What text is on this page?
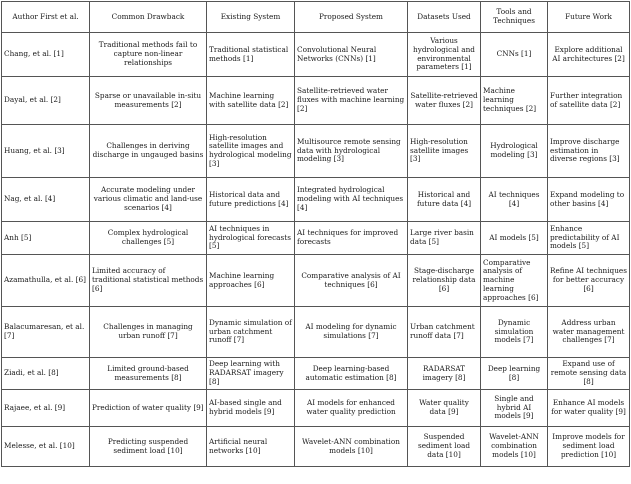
Author First et al.	Common Drawback	Existing System	Proposed System	Datasets Used	Tools and Techniques	Future Work
Chang, et al. [1]	Traditional methods fail to capture non-linear relationships	Traditional statistical methods [1]	Convolutional Neural Networks (CNNs) [1]	Various hydrological and environmental parameters [1]	CNNs [1]	Explore additional AI architectures [2]
Dayal, et al. [2]	Sparse or unavailable in-situ measurements [2]	Machine learning with satellite data [2]	Satellite-retrieved water fluxes with machine learning [2]	Satellite-retrieved water fluxes [2]	Machine learning techniques [2]	Further integration of satellite data [2]
Huang, et al. [3]	Challenges in deriving discharge in ungauged basins	High-resolution satellite images and hydrological modeling [3]	Multisource remote sensing data with hydrological modeling [3]	High-resolution satellite images [3]	Hydrological modeling [3]	Improve discharge estimation in diverse regions [3]
Nag, et al. [4]	Accurate modeling under various climatic and land-use scenarios [4]	Historical data and future predictions [4]	Integrated hydrological modeling with AI techniques [4]	Historical and future data [4]	AI techniques [4]	Expand modeling to other basins [4]
Anh [5]	Complex hydrological challenges [5]	AI techniques in hydrological forecasts [5]	AI techniques for improved forecasts	Large river basin data [5]	AI models [5]	Enhance predictability of AI models [5]
Azamathulla, et al. [6]	Limited accuracy of traditional statistical methods [6]	Machine learning approaches [6]	Comparative analysis of AI techniques [6]	Stage-discharge relationship data [6]	Comparative analysis of machine learning approaches [6]	Refine AI techniques for better accuracy [6]
Balacumaresan, et al. [7]	Challenges in managing urban runoff [7]	Dynamic simulation of urban catchment runoff [7]	AI modeling for dynamic simulations [7]	Urban catchment runoff data [7]	Dynamic simulation models [7]	Address urban water management challenges [7]
Ziadi, et al. [8]	Limited ground-based measurements [8]	Deep learning with RADARSAT imagery [8]	Deep learning-based automatic estimation [8]	RADARSAT imagery [8]	Deep learning [8]	Expand use of remote sensing data [8]
Rajaee, et al. [9]	Prediction of water quality [9]	AI-based single and hybrid models [9]	AI models for enhanced water quality prediction	Water quality data [9]	Single and hybrid AI models [9]	Enhance AI models for water quality [9]
Melesse, et al. [10]	Predicting suspended sediment load [10]	Artificial neural networks [10]	Wavelet-ANN combination models [10]	Suspended sediment load data [10]	Wavelet-ANN combination models [10]	Improve models for sediment load prediction [10]
